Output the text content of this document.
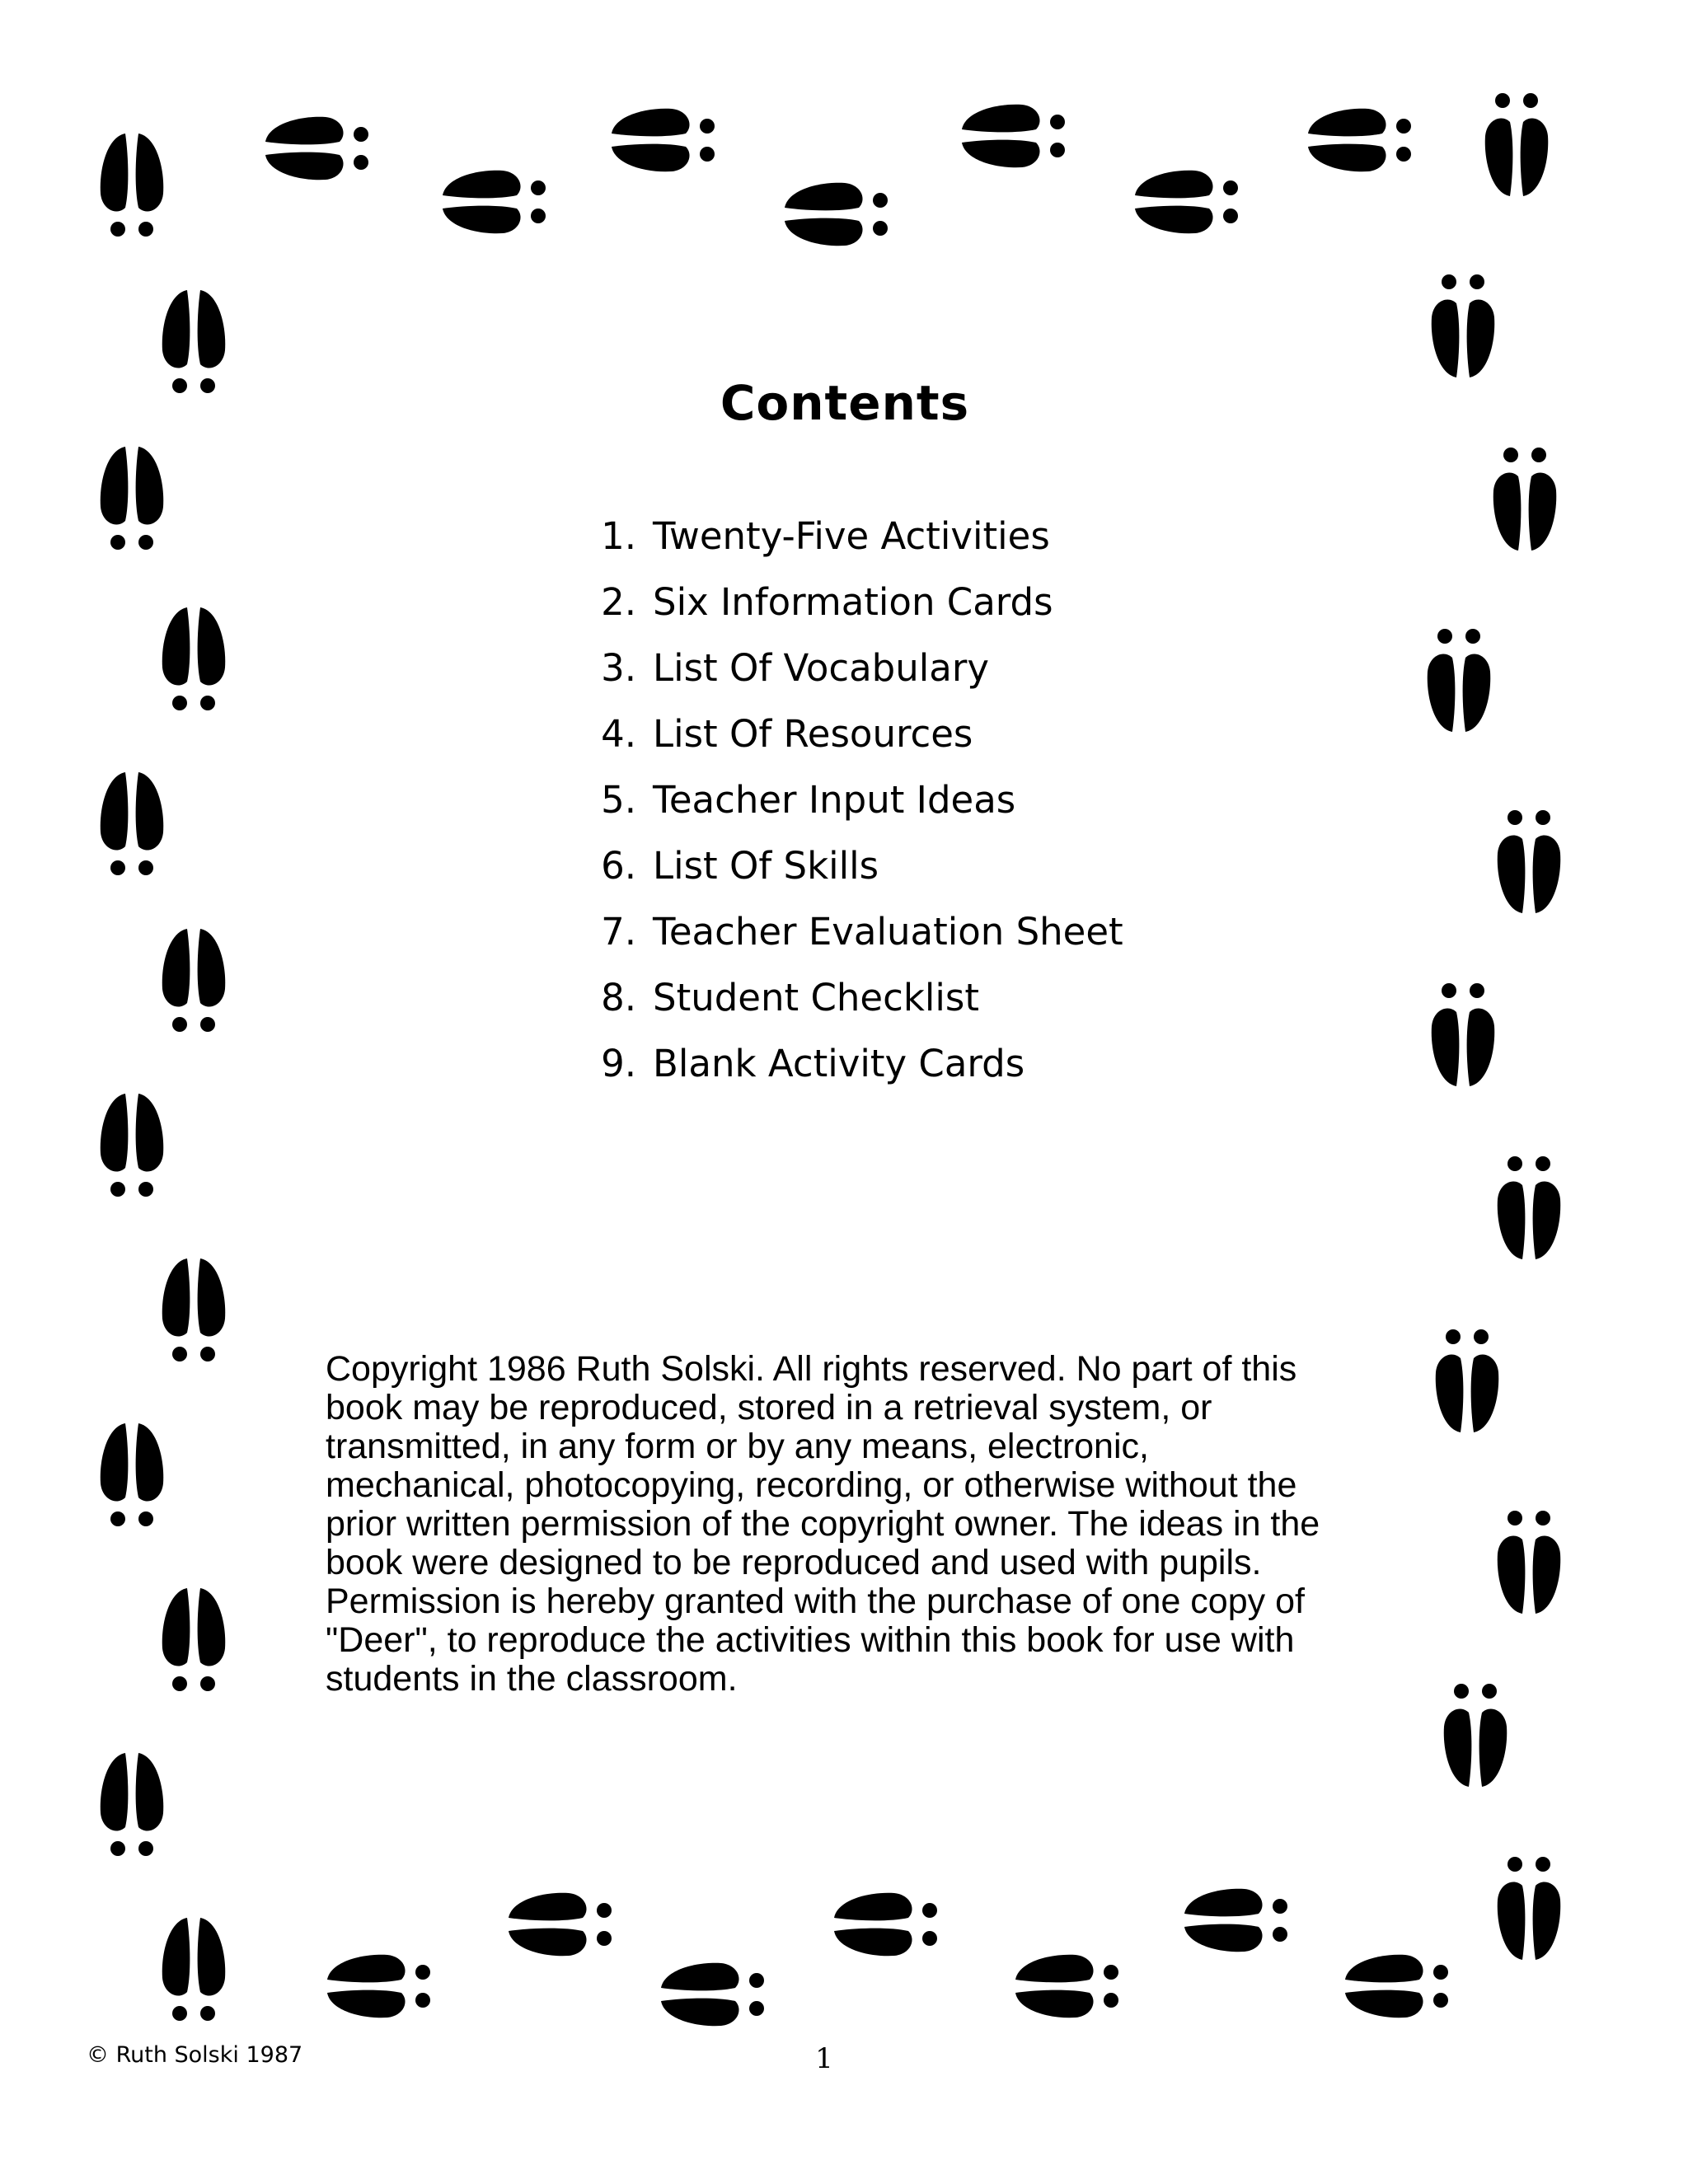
Contents
1. Twenty-Five Activities
2. Six Information Cards
3. List Of Vocabulary
4. List Of Resources
5. Teacher Input Ideas
6. List Of Skills
7. Teacher Evaluation Sheet
8. Student Checklist
9. Blank Activity Cards

Copyright 1986 Ruth Solski. All rights reserved. No part of this book may be reproduced, stored in a retrieval system, or transmitted, in any form or by any means, electronic, mechanical, photocopying, recording, or otherwise without the prior written permission of the copyright owner. The ideas in the book were designed to be reproduced and used with pupils. Permission is hereby granted with the purchase of one copy of "Deer", to reproduce the activities within this book for use with students in the classroom.

© Ruth Solski 1987	1
